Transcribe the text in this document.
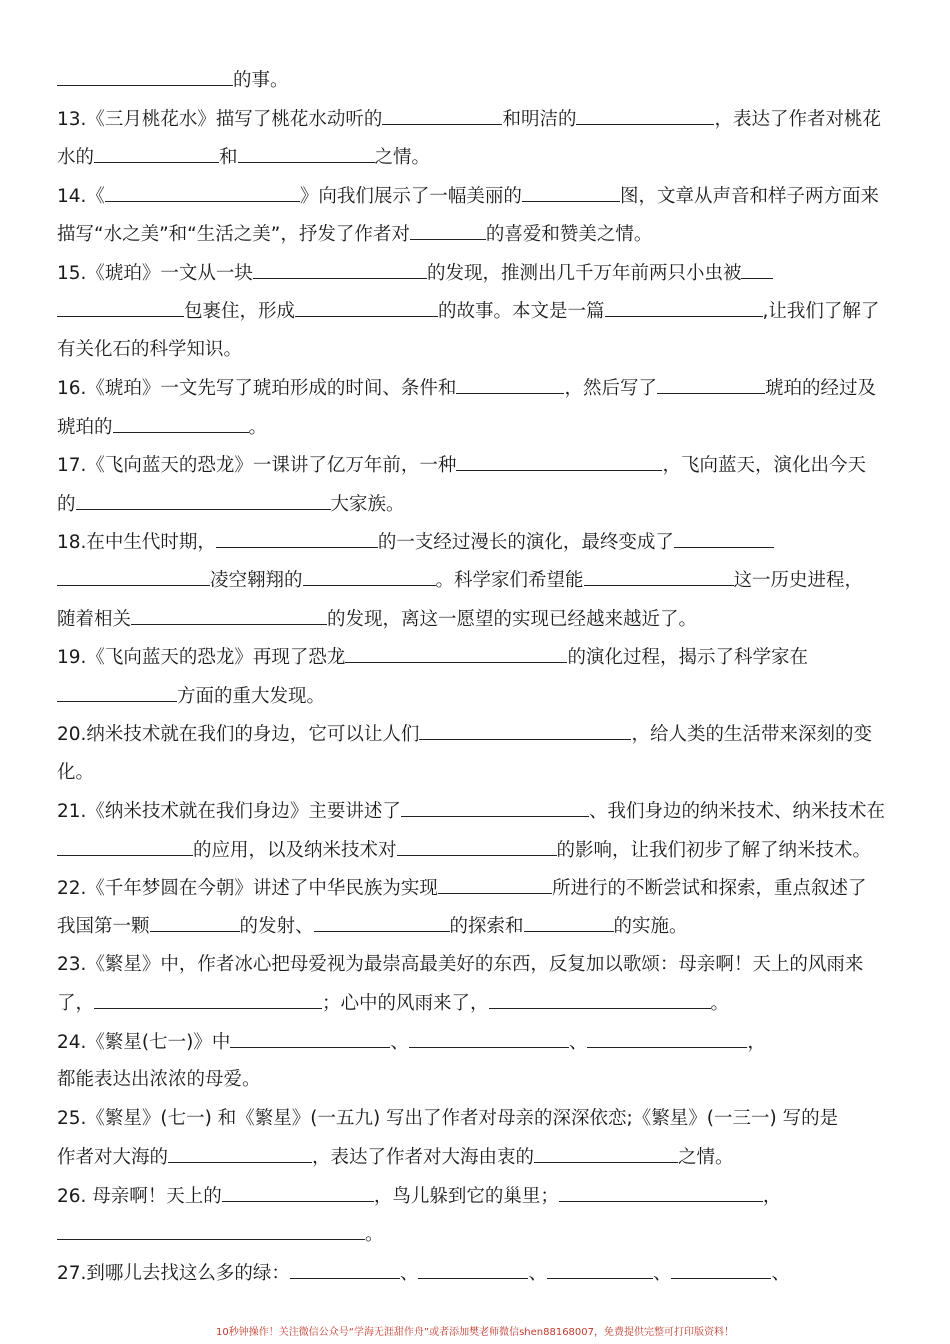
的事。
13.《三月桃花水》描写了桃花水动听的	和明洁的	，表达了作者对桃花
水的	和	之情。
14.《	》向我们展示了一幅美丽的	图，文章从声音和样子两方面来
描写“水之美”和“生活之美”，抒发了作者对	的喜爱和赞美之情。
15.《琥珀》一文从一块	的发现，推测出几千万年前两只小虫被
包裹住，形成	的故事。本文是一篇	,让我们了解了
有关化石的科学知识。
16.《琥珀》一文先写了琥珀形成的时间、条件和	，然后写了	琥珀的经过及
琥珀的	。
17.《飞向蓝天的恐龙》一课讲了亿万年前，一种	，飞向蓝天，演化出今天
的	大家族。
18.在中生代时期，	的一支经过漫长的演化，最终变成了
凌空翱翔的	。科学家们希望能	这一历史进程，
随着相关	的发现，离这一愿望的实现已经越来越近了。
19.《飞向蓝天的恐龙》再现了恐龙	的演化过程，揭示了科学家在
方面的重大发现。
20.纳米技术就在我们的身边，它可以让人们	，给人类的生活带来深刻的变
化。
21.《纳米技术就在我们身边》主要讲述了	、我们身边的纳米技术、纳米技术在
的应用，以及纳米技术对	的影响，让我们初步了解了纳米技术。
22.《千年梦圆在今朝》讲述了中华民族为实现	所进行的不断尝试和探索，重点叙述了
我国第一颗	的发射、	的探索和	的实施。
23.《繁星》中，作者冰心把母爱视为最崇高最美好的东西，反复加以歌颂：母亲啊！天上的风雨来
了，	；心中的风雨来了，	。
24.《繁星(七一)》中	、	、	，
都能表达出浓浓的母爱。
25.《繁星》(七一) 和《繁星》(一五九) 写出了作者对母亲的深深依恋;《繁星》(一三一) 写的是
作者对大海的	，表达了作者对大海由衷的	之情。
26. 母亲啊！天上的	，鸟儿躲到它的巢里；	，
。
27.到哪儿去找这么多的绿：	、	、	、	、
10秒钟操作！关注微信公众号“学海无涯甜作舟”或者添加樊老师微信shen88168007，免费提供完整可打印版资料！
